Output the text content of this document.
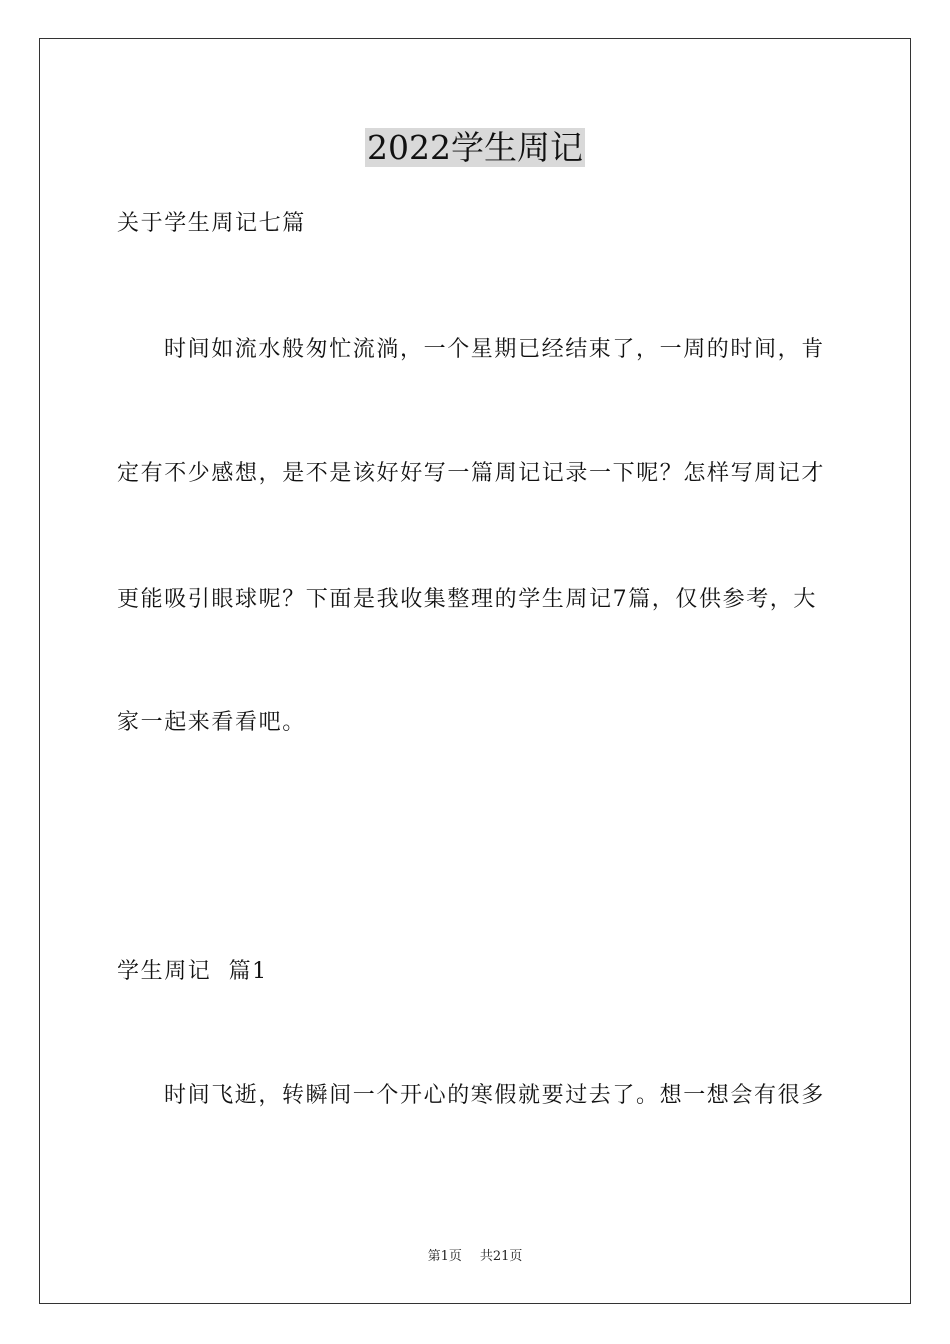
2022学生周记

关于学生周记七篇

时间如流水般匆忙流淌，一个星期已经结束了，一周的时间，肯

定有不少感想，是不是该好好写一篇周记记录一下呢？怎样写周记才

更能吸引眼球呢？下面是我收集整理的学生周记7篇，仅供参考，大

家一起来看看吧。

学生周记  篇1

时间飞逝，转瞬间一个开心的寒假就要过去了。想一想会有很多

第1页 共21页
